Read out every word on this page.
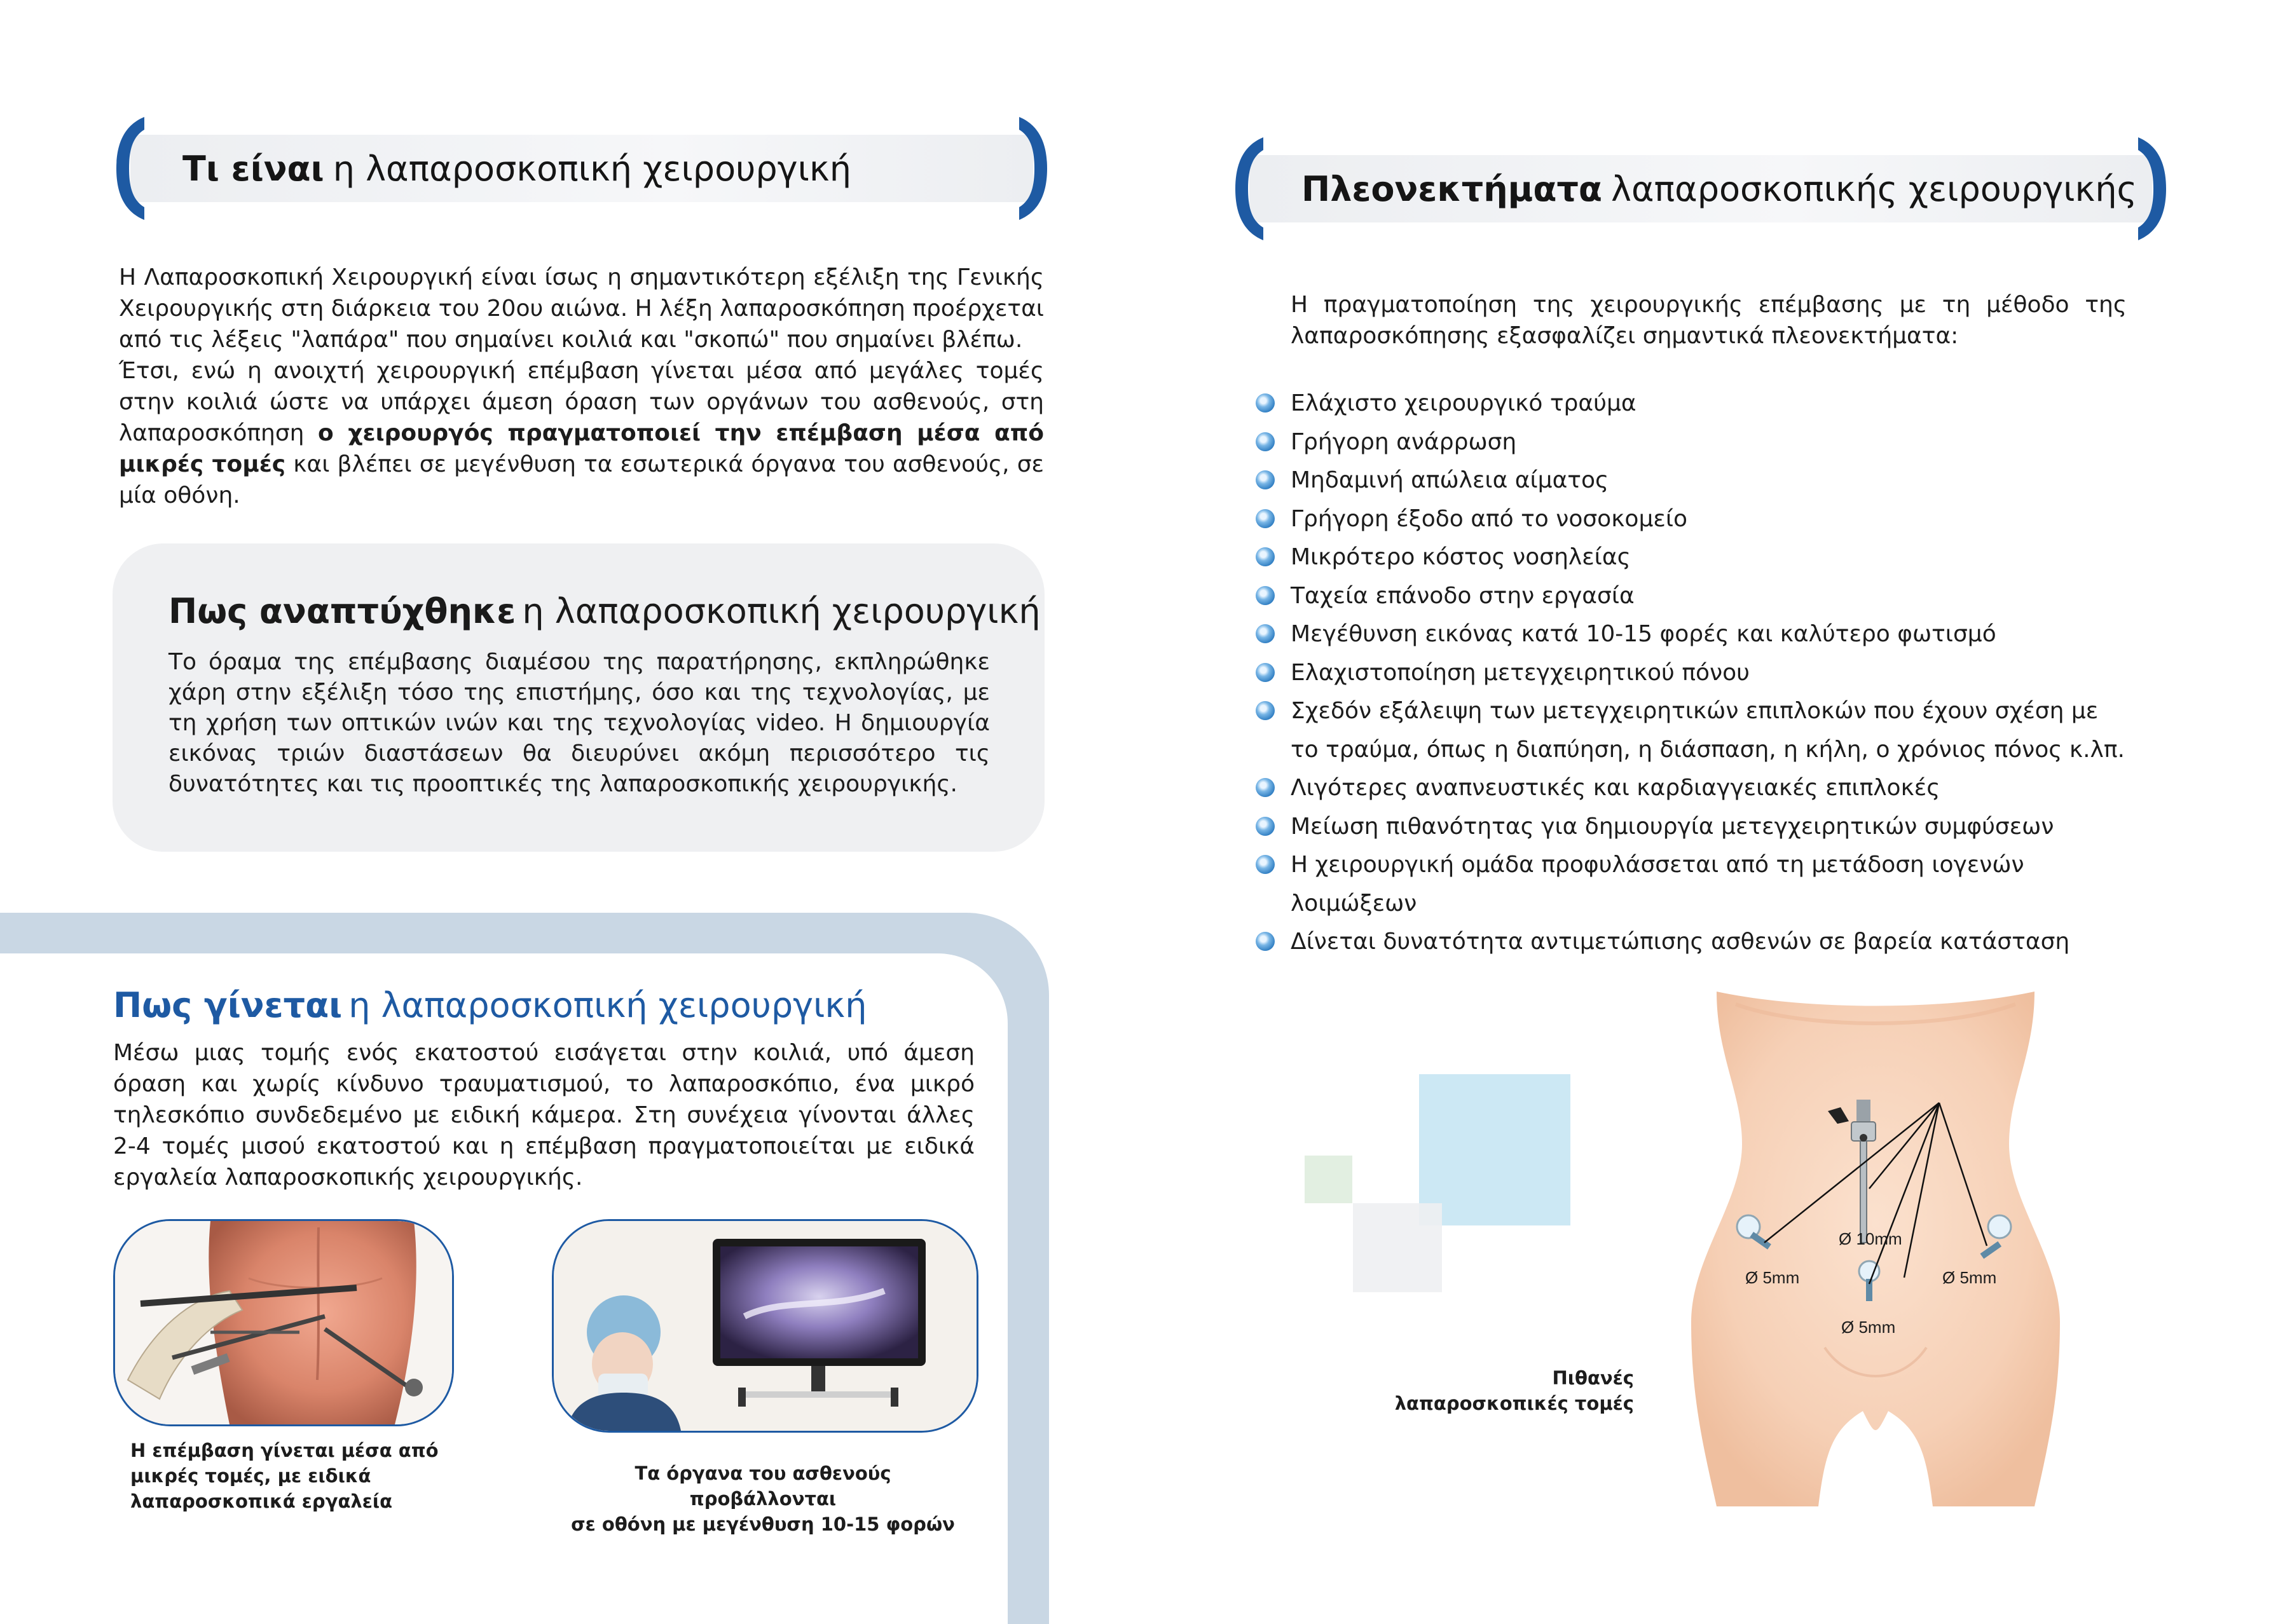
Τι είναι η λαπαροσκοπική χειρουργική
Η Λαπαροσκοπική Χειρουργική είναι ίσως η σημαντικότερη εξέλιξη της Γενικής Χειρουργικής στη διάρκεια του 20ου αιώνα. Η λέξη λαπαροσκόπηση προέρχεται από τις λέξεις "λαπάρα" που σημαίνει κοιλιά και "σκοπώ" που σημαίνει βλέπω.
Έτσι, ενώ η ανοιχτή χειρουργική επέμβαση γίνεται μέσα από μεγάλες τομές στην κοιλιά ώστε να υπάρχει άμεση όραση των οργάνων του ασθενούς, στη λαπαροσκόπηση ο χειρουργός πραγματοποιεί την επέμβαση μέσα από μικρές τομές και βλέπει σε μεγένθυση τα εσωτερικά όργανα του ασθενούς, σε μία οθόνη.
Πως αναπτύχθηκε η λαπαροσκοπική χειρουργική
Το όραμα της επέμβασης διαμέσου της παρατήρησης, εκπληρώθηκε χάρη στην εξέλιξη τόσο της επιστήμης, όσο και της τεχνολογίας, με τη χρήση των οπτικών ινών και της τεχνολογίας video. Η δημιουργία εικόνας τριών διαστάσεων θα διευρύνει ακόμη περισσότερο τις δυνατότητες και τις προοπτικές της λαπαροσκοπικής χειρουργικής.
Πως γίνεται η λαπαροσκοπική χειρουργική
Μέσω μιας τομής ενός εκατοστού εισάγεται στην κοιλιά, υπό άμεση όραση και χωρίς κίνδυνο τραυματισμού, το λαπαροσκόπιο, ένα μικρό τηλεσκόπιο συνδεδεμένο με ειδική κάμερα. Στη συνέχεια γίνονται άλλες 2-4 τομές μισού εκατοστού και η επέμβαση πραγματοποιείται με ειδικά εργαλεία λαπαροσκοπικής χειρουργικής.
Η επέμβαση γίνεται μέσα από
μικρές τομές, με ειδικά
λαπαροσκοπικά εργαλεία
Τα όργανα του ασθενούς προβάλλονται
σε οθόνη με μεγένθυση 10-15 φορών
Πλεονεκτήματα λαπαροσκοπικής χειρουργικής
Η πραγματοποίηση της χειρουργικής επέμβασης με τη μέθοδο της λαπαροσκόπησης εξασφαλίζει σημαντικά πλεονεκτήματα:
Ελάχιστο χειρουργικό τραύμα
Γρήγορη ανάρρωση
Μηδαμινή απώλεια αίματος
Γρήγορη έξοδο από το νοσοκομείο
Μικρότερο κόστος νοσηλείας
Ταχεία επάνοδο στην εργασία
Μεγέθυνση εικόνας κατά 10-15 φορές και καλύτερο φωτισμό
Ελαχιστοποίηση μετεγχειρητικού πόνου
Σχεδόν εξάλειψη των μετεγχειρητικών επιπλοκών που έχουν σχέση με το τραύμα, όπως η διαπύηση, η διάσπαση, η κήλη, ο χρόνιος πόνος κ.λπ.
Λιγότερες αναπνευστικές και καρδιαγγειακές επιπλοκές
Μείωση πιθανότητας για δημιουργία μετεγχειρητικών συμφύσεων
Η χειρουργική ομάδα προφυλάσσεται από τη μετάδοση ιογενών λοιμώξεων
Δίνεται δυνατότητα αντιμετώπισης ασθενών σε βαρεία κατάσταση
Ø 10mm
Ø 5mm	Ø 5mm
Ø 5mm
Πιθανές
λαπαροσκοπικές τομές
